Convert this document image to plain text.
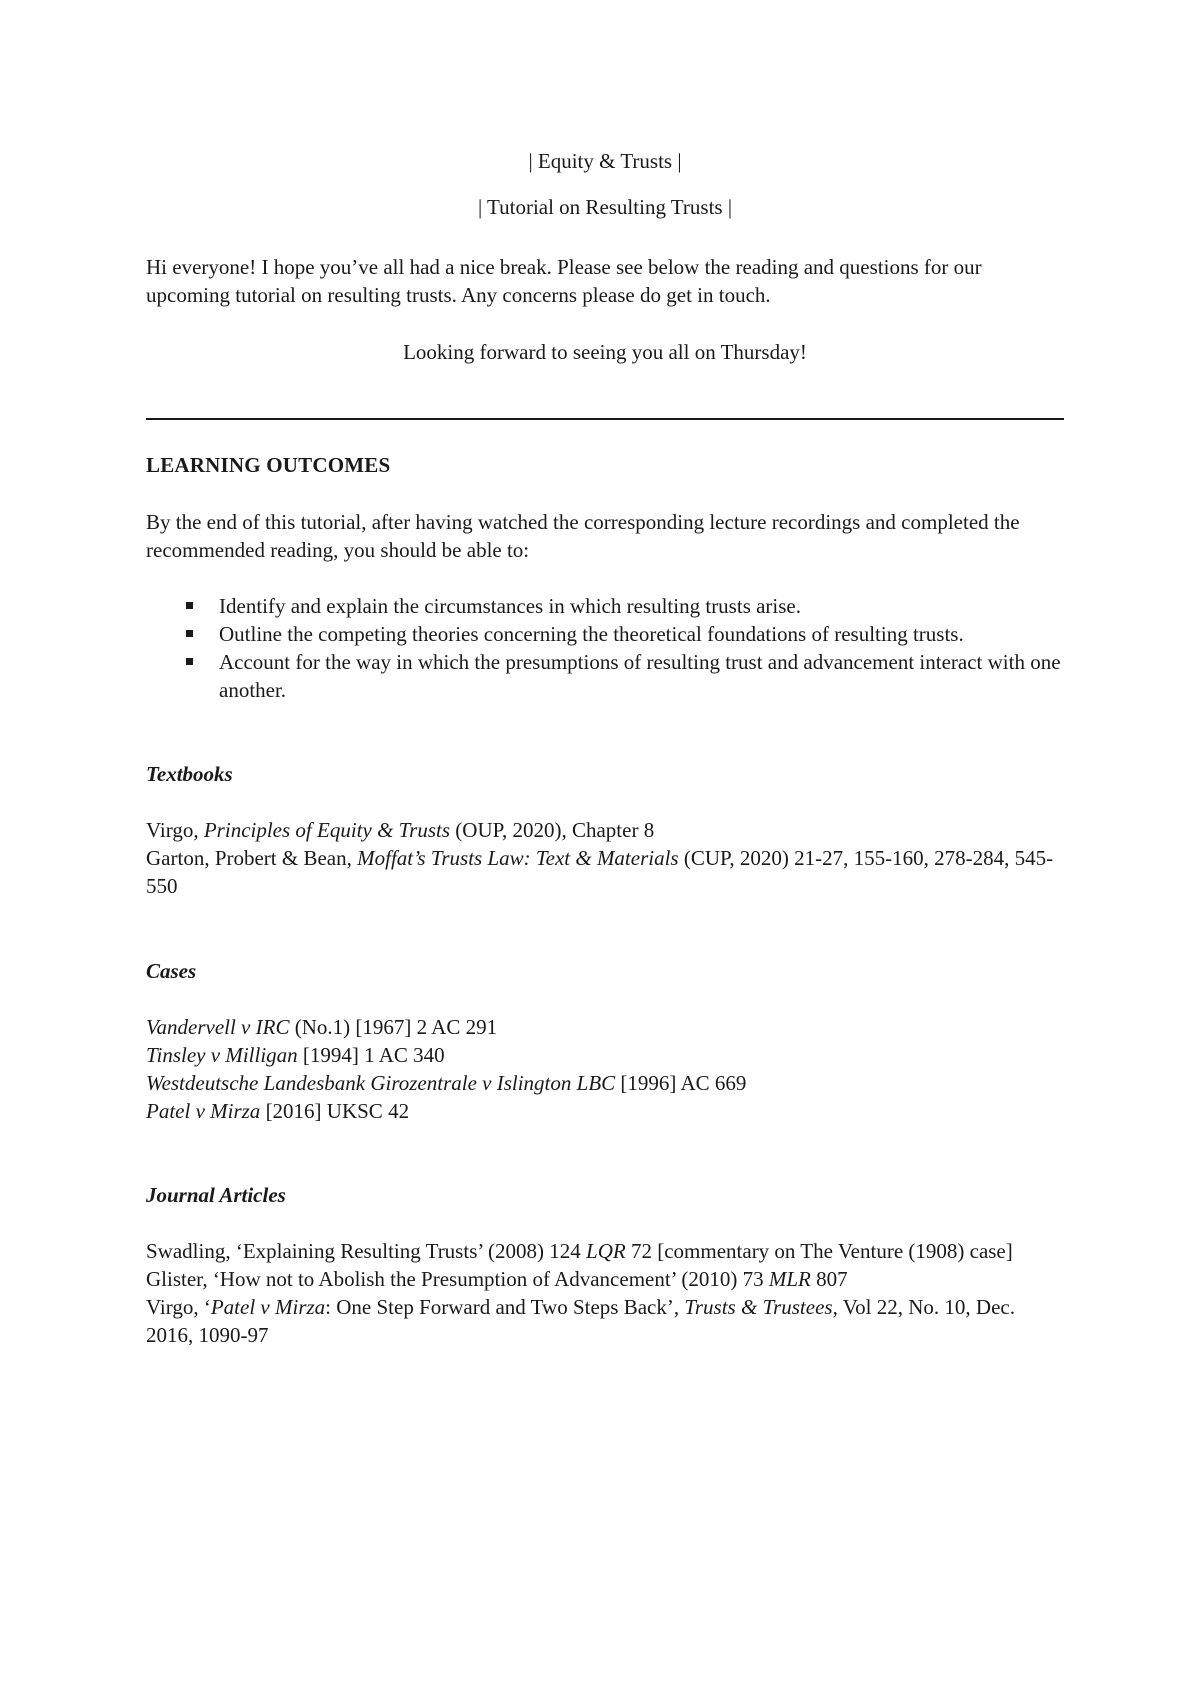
| Equity & Trusts |
| Tutorial on Resulting Trusts |

Hi everyone! I hope you’ve all had a nice break. Please see below the reading and questions for our upcoming tutorial on resulting trusts. Any concerns please do get in touch.

Looking forward to seeing you all on Thursday!
LEARNING OUTCOMES
By the end of this tutorial, after having watched the corresponding lecture recordings and completed the recommended reading, you should be able to:
Identify and explain the circumstances in which resulting trusts arise.
Outline the competing theories concerning the theoretical foundations of resulting trusts.
Account for the way in which the presumptions of resulting trust and advancement interact with one another.
Textbooks
Virgo, Principles of Equity & Trusts (OUP, 2020), Chapter 8
Garton, Probert & Bean, Moffat’s Trusts Law: Text & Materials (CUP, 2020) 21-27, 155-160, 278-284, 545-550
Cases
Vandervell v IRC (No.1) [1967] 2 AC 291
Tinsley v Milligan [1994] 1 AC 340
Westdeutsche Landesbank Girozentrale v Islington LBC [1996] AC 669
Patel v Mirza [2016] UKSC 42
Journal Articles
Swadling, ‘Explaining Resulting Trusts’ (2008) 124 LQR 72 [commentary on The Venture (1908) case]
Glister, ‘How not to Abolish the Presumption of Advancement’ (2010) 73 MLR 807
Virgo, ‘Patel v Mirza: One Step Forward and Two Steps Back’, Trusts & Trustees, Vol 22, No. 10, Dec. 2016, 1090-97
